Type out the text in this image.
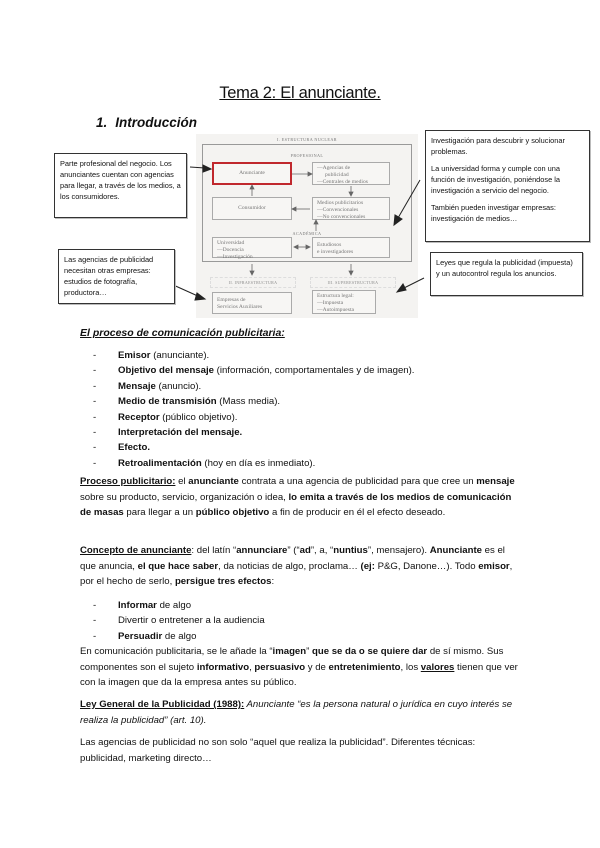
Tema 2: El anunciante.
1. Introducción
I. ESTRUCTURA NUCLEAR
PROFESIONAL
Anunciante
—Agencias de
publicidad
—Centrales de medios
Consumidor
Medios publicitarios
—Convencionales
—No convencionales
ACADÉMICA
Universidad
—Docencia
—Investigación
Estudiosos
e investigadores
II. INFRAESTRUCTURA	III. SUPERESTRUCTURA
Empresas de
Servicios Auxiliares
Estructura legal:
—Impuesta
—Autoimpuesta

Parte profesional del negocio. Los anunciantes cuentan con agencias para llegar, a través de los medios, a los consumidores.

Las agencias de publicidad necesitan otras empresas: estudios de fotografía, productora…

Investigación para descubrir y solucionar problemas.

La universidad forma y cumple con una función de investigación, poniéndose la investigación a servicio del negocio.

También pueden investigar empresas: investigación de medios…

Leyes que regula la publicidad (impuesta) y un autocontrol regula los anuncios.

El proceso de comunicación publicitaria:
- Emisor (anunciante).
- Objetivo del mensaje (información, comportamentales y de imagen).
- Mensaje (anuncio).
- Medio de transmisión (Mass media).
- Receptor (público objetivo).
- Interpretación del mensaje.
- Efecto.
- Retroalimentación (hoy en día es inmediato).

Proceso publicitario: el anunciante contrata a una agencia de publicidad para que cree un mensaje sobre su producto, servicio, organización o idea, lo emita a través de los medios de comunicación de masas para llegar a un público objetivo a fin de producir en él el efecto deseado.

Concepto de anunciante: del latín “annunciare” (“ad”, a, “nuntius”, mensajero). Anunciante es el que anuncia, el que hace saber, da noticias de algo, proclama… (ej: P&G, Danone…). Todo emisor, por el hecho de serlo, persigue tres efectos:

- Informar de algo
- Divertir o entretener a la audiencia
- Persuadir de algo

En comunicación publicitaria, se le añade la “imagen” que se da o se quiere dar de sí mismo. Sus componentes son el sujeto informativo, persuasivo y de entretenimiento, los valores tienen que ver con la imagen que da la empresa antes su público.

Ley General de la Publicidad (1988): Anunciante “es la persona natural o jurídica en cuyo interés se realiza la publicidad” (art. 10).

Las agencias de publicidad no son solo “aquel que realiza la publicidad”. Diferentes técnicas: publicidad, marketing directo…
